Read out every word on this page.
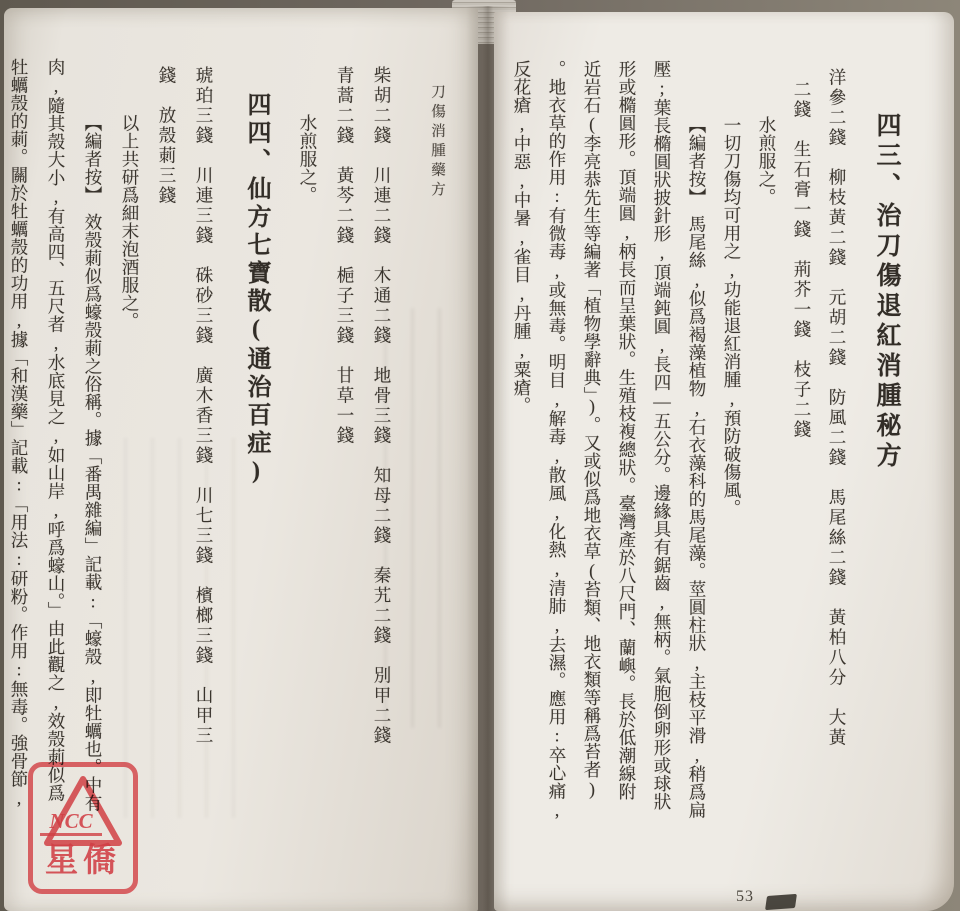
刀傷消腫藥方
柴胡二錢　川連二錢　木通二錢　地骨三錢　知母二錢　秦艽二錢　別甲二錢
青蒿二錢　黃芩二錢　梔子三錢　甘草一錢
水煎服之。
四四、仙方七寶散(通治百症)
琥珀三錢　川連三錢　硃砂三錢　廣木香三錢　川七三錢　檳榔三錢　山甲三
錢　放殼莿三錢
以上共研爲細末泡酒服之。
【編者按】　效殼莿似爲蠔殼莿之俗稱。據「番禺雜編」記載:「蠔殼,即牡蠣也。中有
肉,隨其殼大小,有高四、五尺者,水底見之,如山岸,呼爲蠔山。」由此觀之,效殼莿似爲
牡蠣殼的莿。關於牡蠣殼的功用,據「和漢藥」記載:「用法:研粉。作用:無毒。強骨節,	四三、治刀傷退紅消腫秘方
洋參二錢　柳枝黃二錢　元胡二錢　防風二錢　馬尾絲二錢　黃柏八分　大黃
二錢　生石膏一錢　荊芥一錢　枝子二錢
水煎服之。
一切刀傷均可用之,功能退紅消腫,預防破傷風。
【編者按】　馬尾絲,似爲褐藻植物,石衣藻科的馬尾藻。莖圓柱狀,主枝平滑,稍爲扁
壓;葉長橢圓狀披針形,頂端鈍圓,長四—五公分。邊緣具有鋸齒,無柄。氣胞倒卵形或球狀
形或橢圓形。頂端圓,柄長而呈葉狀。生殖枝複總狀。臺灣產於八尺門、蘭嶼。長於低潮線附
近岩石(李亮恭先生等編著「植物學辭典」)。又或似爲地衣草(苔類、地衣類等稱爲苔者)
。地衣草的作用:有微毒,或無毒。明目,解毒,散風,化熱,清肺,去濕。應用:卒心痛,
反花瘡,中惡,中暑,雀目,丹腫,粟瘡。
53
NCC
星僑
